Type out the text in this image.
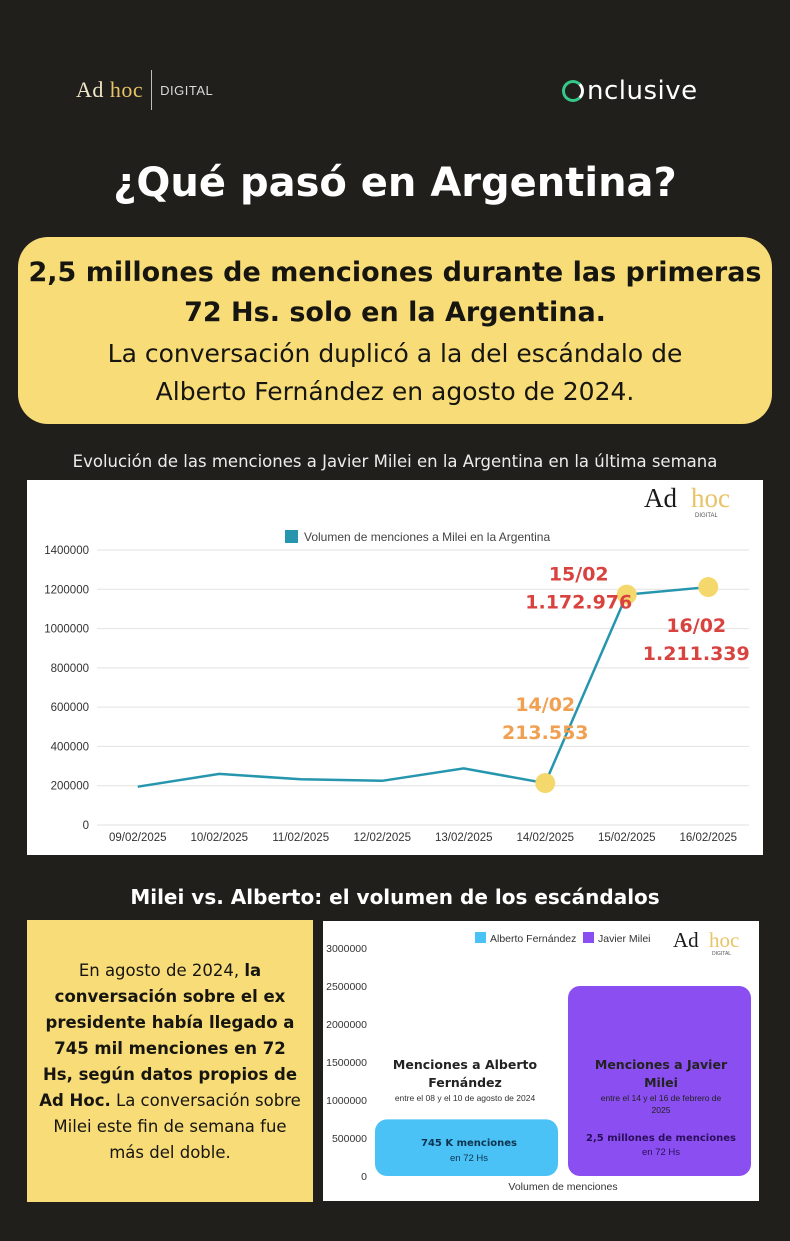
Ad hoc DIGITAL	nclusive
¿Qué pasó en Argentina?
2,5 millones de menciones durante las primeras
72 Hs. solo en la Argentina.
La conversación duplicó a la del escándalo de
Alberto Fernández en agosto de 2024.
Evolución de las menciones a Javier Milei en la Argentina en la última semana
0
200000
400000
600000
800000
1000000
1200000
1400000
09/02/2025 10/02/2025 11/02/2025 12/02/2025 13/02/2025 14/02/2025 15/02/2025 16/02/2025
Volumen de menciones a Milei en la Argentina
14/02
213.553
15/02
1.172.976
16/02
1.211.339
Ad hoc
DIGITAL
Milei vs. Alberto: el volumen de los escándalos
En agosto de 2024, la conversación sobre el ex presidente había llegado a 745 mil menciones en 72 Hs, según datos propios de Ad Hoc. La conversación sobre Milei este fin de semana fue más del doble.
0
500000
1000000
1500000
2000000
2500000
3000000
Alberto Fernández Javier Milei
Menciones a Alberto
Fernández
entre el 08 y el 10 de agosto de 2024
745 K menciones
en 72 Hs
Menciones a Javier
Milei
entre el 14 y el 16 de febrero de
2025
2,5 millones de menciones
en 72 Hs
Volumen de menciones
Ad hoc
DIGITAL
